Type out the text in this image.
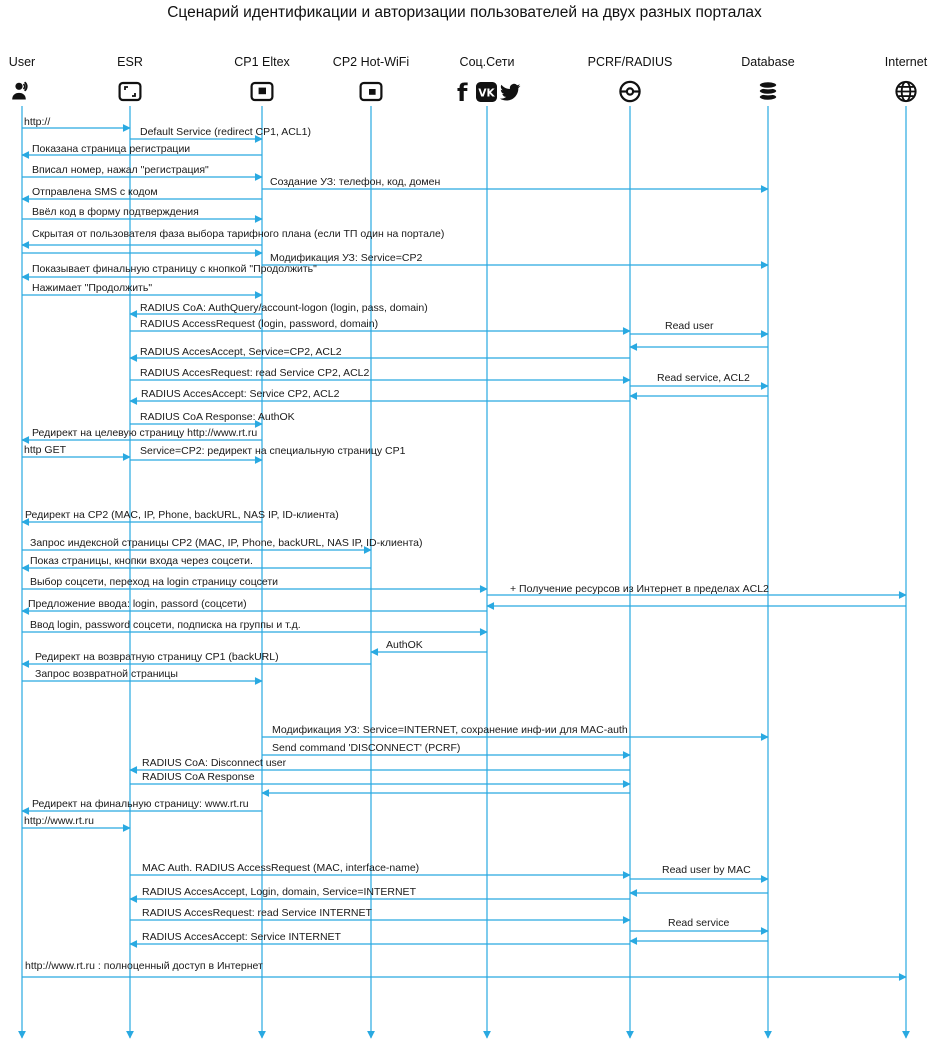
Сценарий идентификации и авторизации пользователей на двух разных порталах
User	ESR	CP1 Eltex	CP2 Hot-WiFi	Соц.Сети
f VK
PCRF/RADIUS	Database	Internet
http://
Default Service (redirect CP1, ACL1)
Показана страница регистрации
Вписал номер, нажал "регистрация"
Создание УЗ: телефон, код, домен
Отправлена SMS с кодом
Ввёл код в форму подтверждения
Скрытая от пользователя фаза выбора тарифного плана (если ТП один на портале)
Модификация УЗ: Service=CP2
Показывает финальную страницу с кнопкой "Продолжить"
Нажимает "Продолжить"
RADIUS CoA: AuthQuery/account-logon (login, pass, domain)
RADIUS AccessRequest (login, password, domain)	Read user
RADIUS AccesAccept, Service=CP2, ACL2
RADIUS AccesRequest: read Service CP2, ACL2	Read service, ACL2
RADIUS AccesAccept: Service CP2, ACL2
RADIUS CoA Response: AuthOK
Редирект на целевую страницу http://www.rt.ru
http GET	Service=CP2: редирект на специальную страницу CP1
Редирект на CP2 (MAC, IP, Phone, backURL, NAS IP, ID-клиента)
Запрос индексной страницы CP2 (MAC, IP, Phone, backURL, NAS IP, ID-клиента)
Показ страницы, кнопки входа через соцсети.
Выбор соцсети, переход на login страницу соцсети
+ Получение ресурсов из Интернет в пределах ACL2
Предложение ввода: login, passord (соцсети)
Ввод login, password соцсети, подписка на группы и т.д.
AuthOK
Редирект на возвратную страницу CP1 (backURL)
Запрос возвратной страницы
Модификация УЗ: Service=INTERNET, сохранение инф-ии для MAC-auth
Send command 'DISCONNECT' (PCRF)
RADIUS CoA: Disconnect user
RADIUS CoA Response
Редирект на финальную страницу: www.rt.ru
http://www.rt.ru
MAC Auth. RADIUS AccessRequest (MAC, interface-name)	Read user by MAC
RADIUS AccesAccept, Login, domain, Service=INTERNET
RADIUS AccesRequest: read Service INTERNET
Read service
RADIUS AccesAccept: Service INTERNET
http://www.rt.ru : полноценный доступ в Интернет
